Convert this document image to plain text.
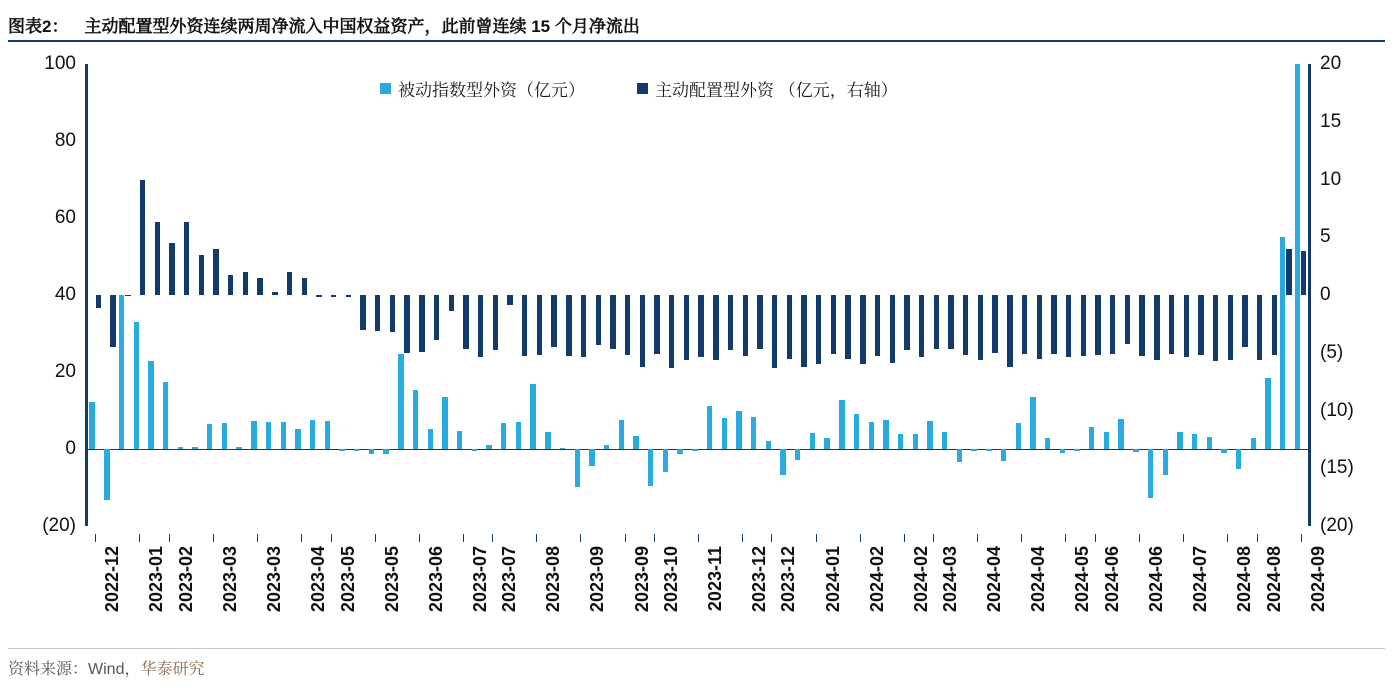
图表2： 主动配置型外资连续两周净流入中国权益资产，此前曾连续 15 个月净流出
(20)
0
20
40
60
80
100
(20)
(15)
(10)
(5)
0
5
10
15
20
被动指数型外资（亿元）	主动配置型外资 （亿元，右轴）
2022-12 2023-01 2023-02 2023-03 2023-03 2023-04 2023-05 2023-05 2023-06 2023-07 2023-07 2023-08 2023-09 2023-09 2023-10 2023-11 2023-12 2023-12 2024-01 2024-02 2024-02 2024-03 2024-04 2024-04 2024-05 2024-06 2024-06 2024-07 2024-08 2024-08 2024-09
资料来源：Wind，华泰研究
